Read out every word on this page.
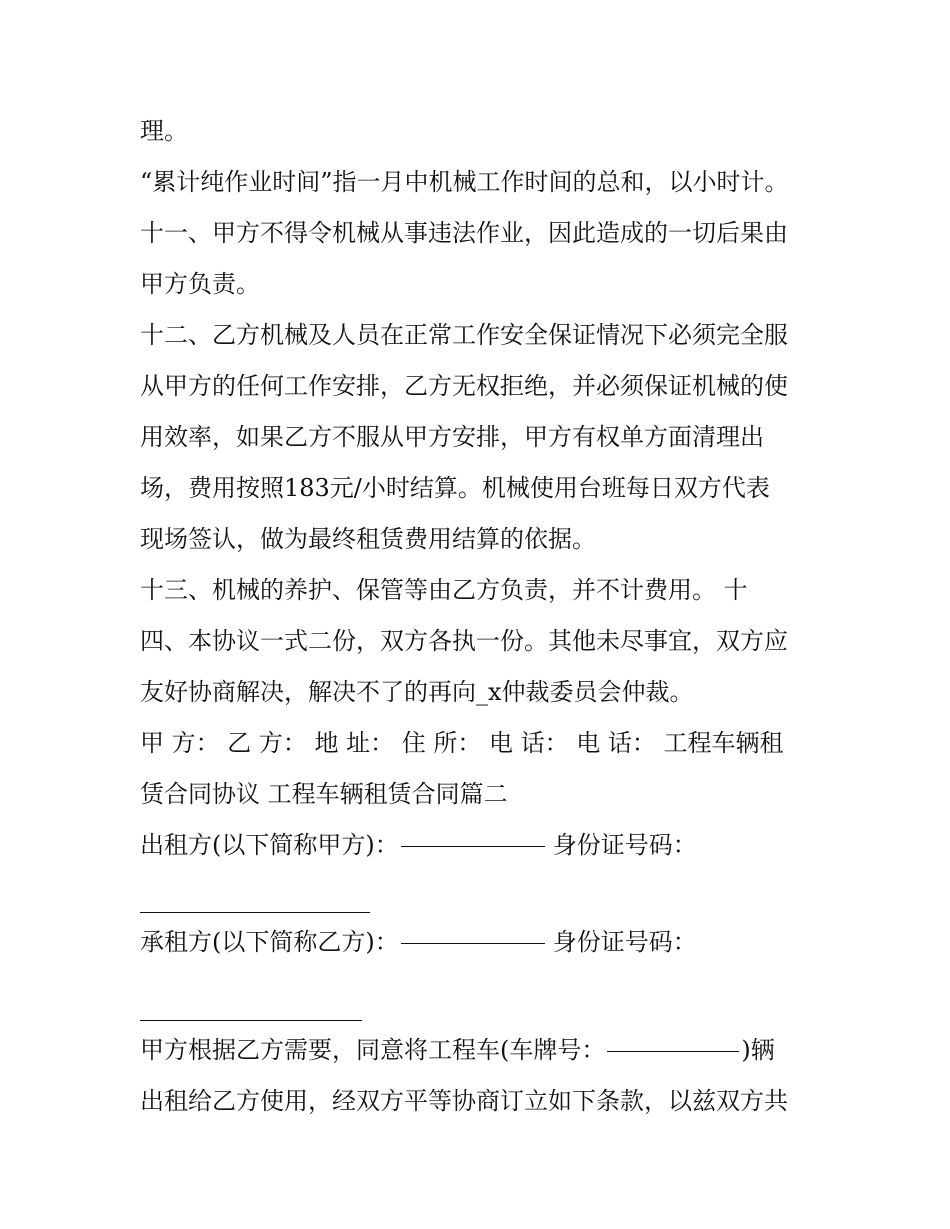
理。
“累计纯作业时间”指一月中机械工作时间的总和，以小时计。
十一、甲方不得令机械从事违法作业，因此造成的一切后果由
甲方负责。
十二、乙方机械及人员在正常工作安全保证情况下必须完全服
从甲方的任何工作安排，乙方无权拒绝，并必须保证机械的使
用效率，如果乙方不服从甲方安排，甲方有权单方面清理出
场，费用按照183元/小时结算。机械使用台班每日双方代表
现场签认，做为最终租赁费用结算的依据。
十三、机械的养护、保管等由乙方负责，并不计费用。 十
四、本协议一式二份，双方各执一份。其他未尽事宜，双方应
友好协商解决，解决不了的再向_x仲裁委员会仲裁。
甲 方： 乙 方： 地 址： 住 所： 电 话： 电 话： 工程车辆租
赁合同协议 工程车辆租赁合同篇二
出租方(以下简称甲方)：	身份证号码：
承租方(以下简称乙方)：	身份证号码：
甲方根据乙方需要，同意将工程车(车牌号：	)辆
出租给乙方使用，经双方平等协商订立如下条款，以兹双方共
